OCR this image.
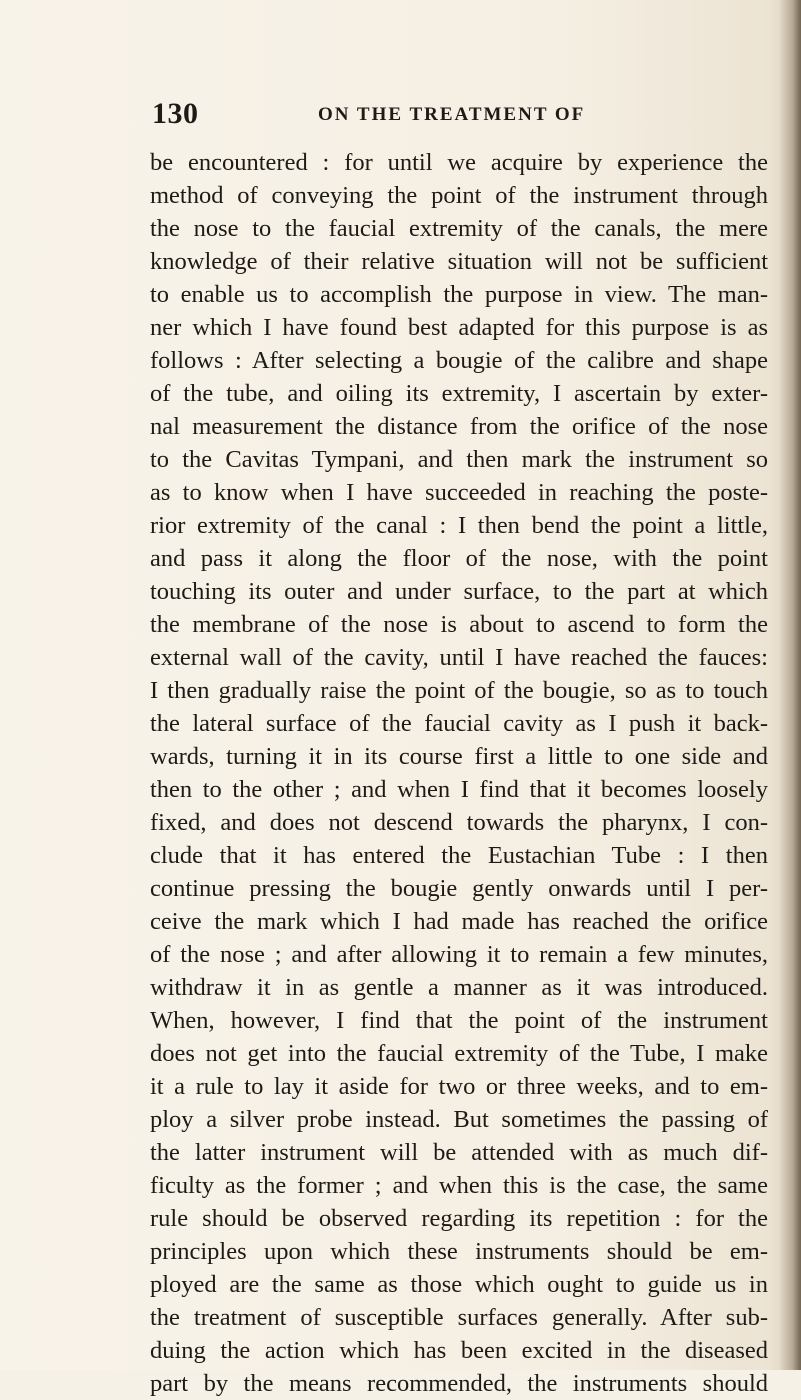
130	ON THE TREATMENT OF
be encountered : for until we acquire by experience the
method of conveying the point of the instrument through
the nose to the faucial extremity of the canals, the mere
knowledge of their relative situation will not be sufficient
to enable us to accomplish the purpose in view. The man-
ner which I have found best adapted for this purpose is as
follows : After selecting a bougie of the calibre and shape
of the tube, and oiling its extremity, I ascertain by exter-
nal measurement the distance from the orifice of the nose
to the Cavitas Tympani, and then mark the instrument so
as to know when I have succeeded in reaching the poste-
rior extremity of the canal : I then bend the point a little,
and pass it along the floor of the nose, with the point
touching its outer and under surface, to the part at which
the membrane of the nose is about to ascend to form the
external wall of the cavity, until I have reached the fauces:
I then gradually raise the point of the bougie, so as to touch
the lateral surface of the faucial cavity as I push it back-
wards, turning it in its course first a little to one side and
then to the other ; and when I find that it becomes loosely
fixed, and does not descend towards the pharynx, I con-
clude that it has entered the Eustachian Tube : I then
continue pressing the bougie gently onwards until I per-
ceive the mark which I had made has reached the orifice
of the nose ; and after allowing it to remain a few minutes,
withdraw it in as gentle a manner as it was introduced.
When, however, I find that the point of the instrument
does not get into the faucial extremity of the Tube, I make
it a rule to lay it aside for two or three weeks, and to em-
ploy a silver probe instead. But sometimes the passing of
the latter instrument will be attended with as much dif-
ficulty as the former ; and when this is the case, the same
rule should be observed regarding its repetition : for the
principles upon which these instruments should be em-
ployed are the same as those which ought to guide us in
the treatment of susceptible surfaces generally. After sub-
duing the action which has been excited in the diseased
part by the means recommended, the instruments should
